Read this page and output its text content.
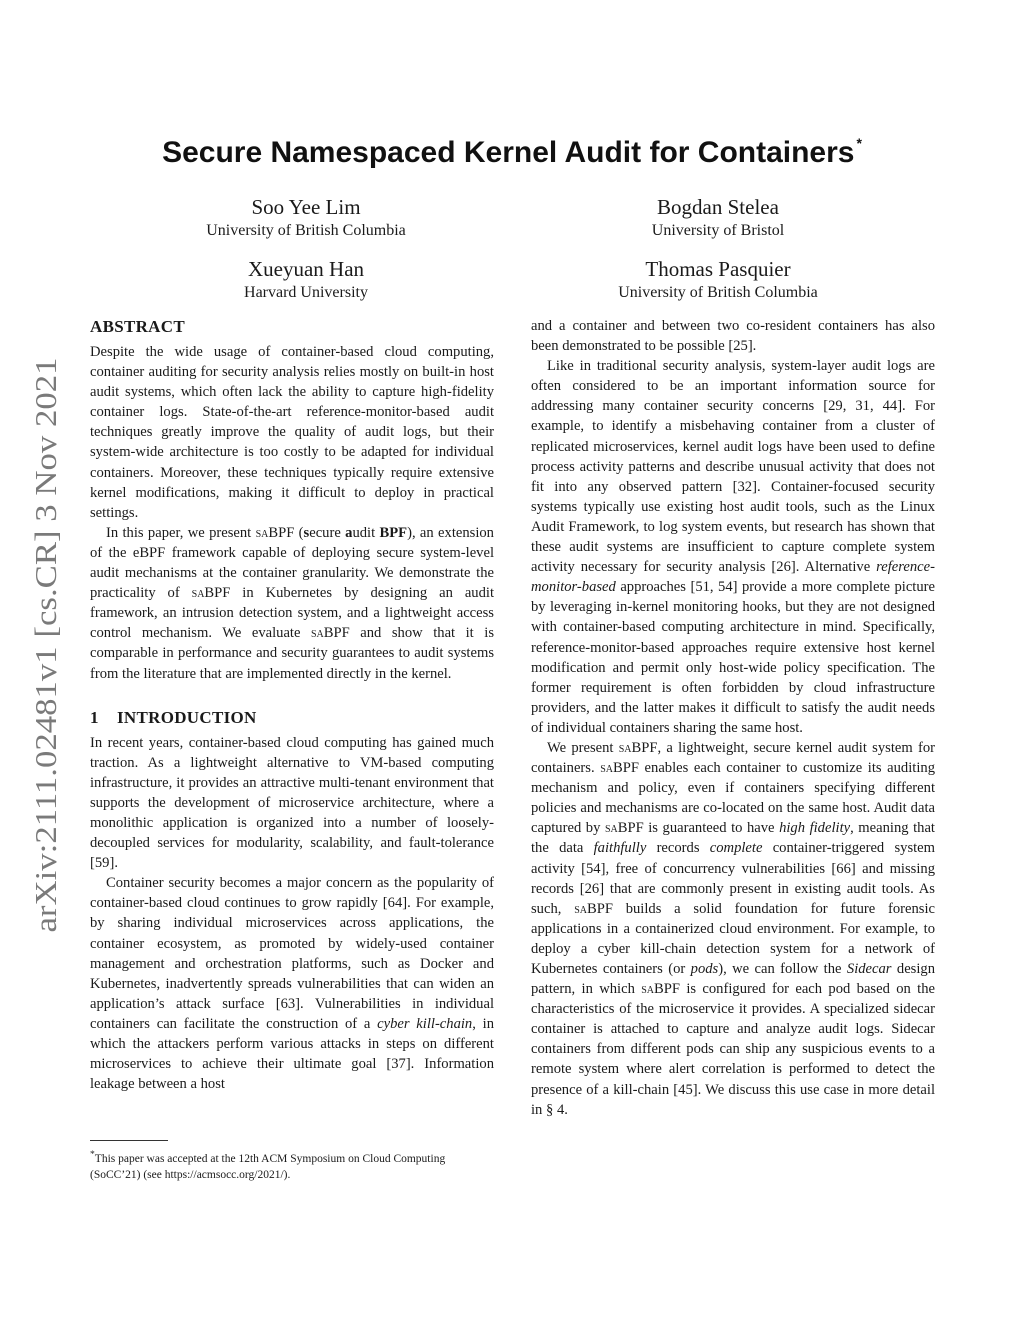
arXiv:2111.02481v1 [cs.CR] 3 Nov 2021
Secure Namespaced Kernel Audit for Containers *
Soo Yee Lim
University of British Columbia
Bogdan Stelea
University of Bristol
Xueyuan Han
Harvard University
Thomas Pasquier
University of British Columbia
ABSTRACT

Despite the wide usage of container-based cloud computing, container auditing for security analysis relies mostly on built-in host audit systems, which often lack the ability to capture high-fidelity container logs. State-of-the-art reference-monitor-based audit techniques greatly improve the quality of audit logs, but their system-wide architecture is too costly to be adapted for individual containers. Moreover, these techniques typically require extensive kernel modifications, making it difficult to deploy in practical settings.

In this paper, we present saBPF (secure audit BPF), an extension of the eBPF framework capable of deploying secure system-level audit mechanisms at the container granularity. We demonstrate the practicality of saBPF in Kubernetes by designing an audit framework, an intrusion detection system, and a lightweight access control mechanism. We evaluate saBPF and show that it is comparable in performance and security guarantees to audit systems from the literature that are implemented directly in the kernel.

1    INTRODUCTION

In recent years, container-based cloud computing has gained much traction. As a lightweight alternative to VM-based computing infrastructure, it provides an attractive multi-tenant environment that supports the development of microservice architecture, where a monolithic application is organized into a number of loosely-decoupled services for modularity, scalability, and fault-tolerance [59].

Container security becomes a major concern as the popularity of container-based cloud continues to grow rapidly [64]. For example, by sharing individual microservices across applications, the container ecosystem, as promoted by widely-used container management and orchestration platforms, such as Docker and Kubernetes, inadvertently spreads vulnerabilities that can widen an application’s attack surface [63]. Vulnerabilities in individual containers can facilitate the construction of a cyber kill-chain, in which the attackers perform various attacks in steps on different microservices to achieve their ultimate goal [37]. Information leakage between a host

*This paper was accepted at the 12th ACM Symposium on Cloud Computing (SoCC’21) (see https://acmsocc.org/2021/).

and a container and between two co-resident containers has also been demonstrated to be possible [25].

Like in traditional security analysis, system-layer audit logs are often considered to be an important information source for addressing many container security concerns [29, 31, 44]. For example, to identify a misbehaving container from a cluster of replicated microservices, kernel audit logs have been used to define process activity patterns and describe unusual activity that does not fit into any observed pattern [32]. Container-focused security systems typically use existing host audit tools, such as the Linux Audit Framework, to log system events, but research has shown that these audit systems are insufficient to capture complete system activity necessary for security analysis [26]. Alternative reference-monitor-based approaches [51, 54] provide a more complete picture by leveraging in-kernel monitoring hooks, but they are not designed with container-based computing architecture in mind. Specifically, reference-monitor-based approaches require extensive host kernel modification and permit only host-wide policy specification. The former requirement is often forbidden by cloud infrastructure providers, and the latter makes it difficult to satisfy the audit needs of individual containers sharing the same host.

We present saBPF, a lightweight, secure kernel audit system for containers. saBPF enables each container to customize its auditing mechanism and policy, even if containers specifying different policies and mechanisms are co-located on the same host. Audit data captured by saBPF is guaranteed to have high fidelity, meaning that the data faithfully records complete container-triggered system activity [54], free of concurrency vulnerabilities [66] and missing records [26] that are commonly present in existing audit tools. As such, saBPF builds a solid foundation for future forensic applications in a containerized cloud environment. For example, to deploy a cyber kill-chain detection system for a network of Kubernetes containers (or pods), we can follow the Sidecar design pattern, in which saBPF is configured for each pod based on the characteristics of the microservice it provides. A specialized sidecar container is attached to capture and analyze audit logs. Sidecar containers from different pods can ship any suspicious events to a remote system where alert correlation is performed to detect the presence of a kill-chain [45]. We discuss this use case in more detail in § 4.
